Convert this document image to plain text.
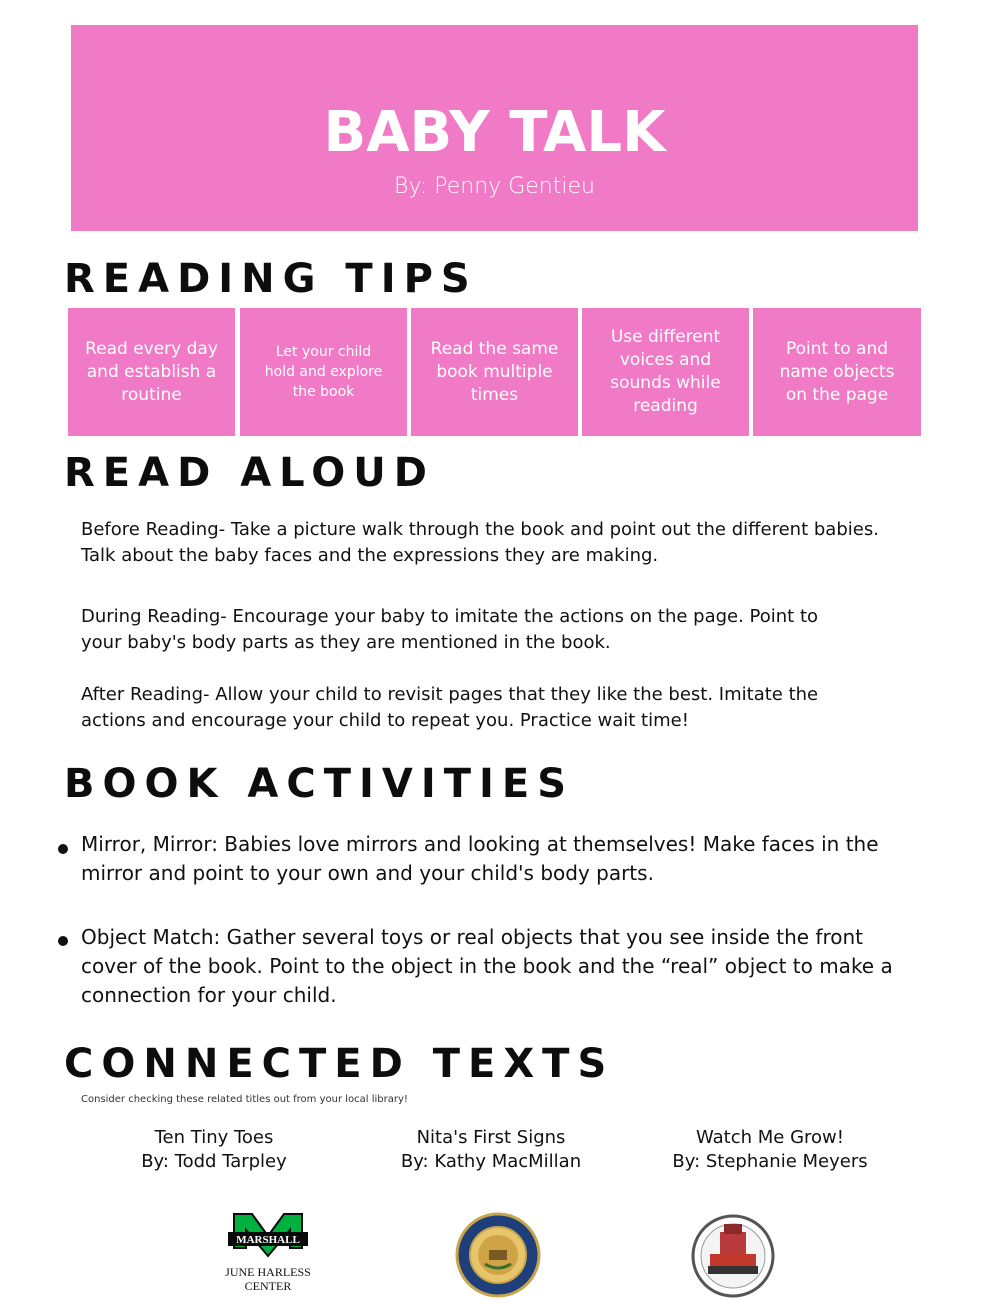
BABY TALK
By: Penny Gentieu
READING TIPS
Read every day and establish a routine
Let your child hold and explore the book
Read the same book multiple times
Use different voices and sounds while reading
Point to and name objects on the page
READ ALOUD
Before Reading- Take a picture walk through the book and point out the different babies. Talk about the baby faces and the expressions they are making.
During Reading- Encourage your baby to imitate the actions on the page. Point to your baby's body parts as they are mentioned in the book.
After Reading- Allow your child to revisit pages that they like the best. Imitate the actions and encourage your child to repeat you. Practice wait time!
BOOK ACTIVITIES
Mirror, Mirror: Babies love mirrors and looking at themselves! Make faces in the mirror and point to your own and your child's body parts.
Object Match: Gather several toys or real objects that you see inside the front cover of the book. Point to the object in the book and the “real” object to make a connection for your child.
CONNECTED TEXTS
Consider checking these related titles out from your local library!
Ten Tiny Toes
By: Todd Tarpley
Nita's First Signs
By: Kathy MacMillan
Watch Me Grow!
By: Stephanie Meyers
MARSHALL
JUNE HARLESS
CENTER
